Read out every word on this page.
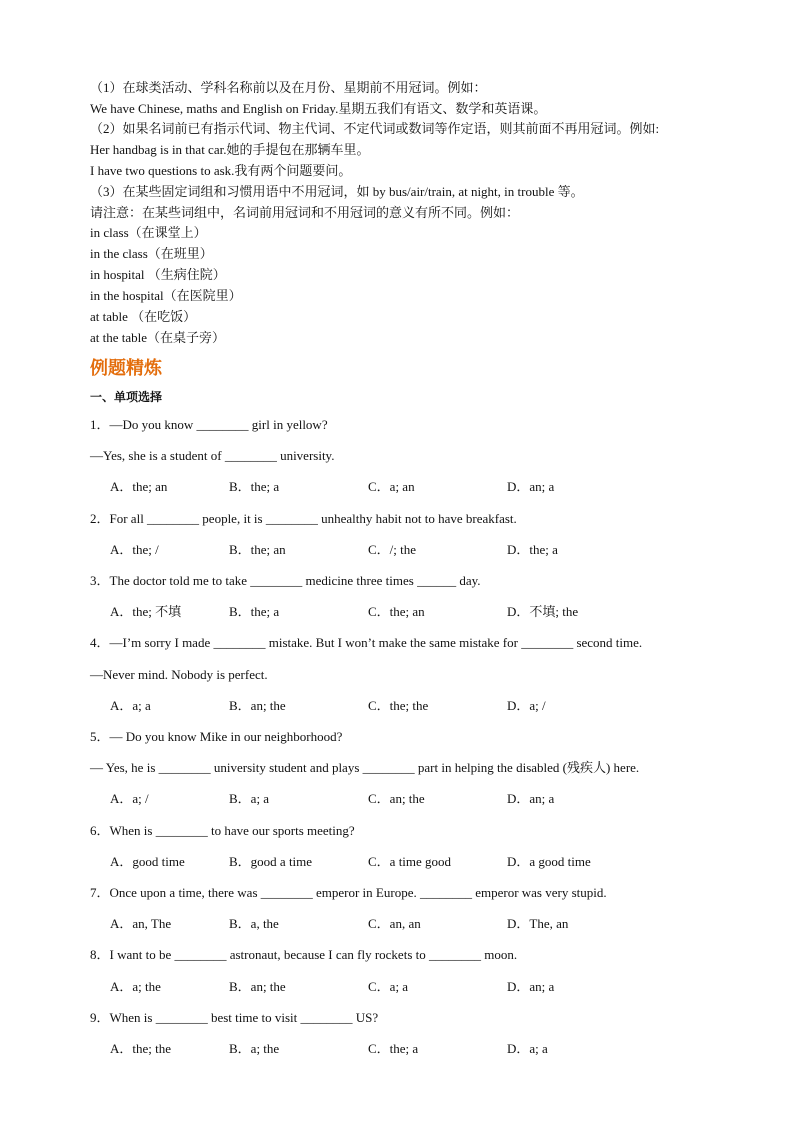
（1）在球类活动、学科名称前以及在月份、星期前不用冠词。例如：
We have Chinese, maths and English on Friday.星期五我们有语文、数学和英语课。
（2）如果名词前已有指示代词、物主代词、不定代词或数词等作定语，则其前面不再用冠词。例如:
Her handbag is in that car.她的手提包在那辆车里。
I have two questions to ask.我有两个问题要问。
（3）在某些固定词组和习惯用语中不用冠词，如 by bus/air/train, at night, in trouble 等。
请注意：在某些词组中，名词前用冠词和不用冠词的意义有所不同。例如：
in class（在课堂上）
in the class（在班里）
in hospital （生病住院）
in the hospital（在医院里）
at table （在吃饭）
at the table（在桌子旁）
例题精炼
一、单项选择
1．—Do you know ________ girl in yellow?
—Yes, she is a student of ________ university.
A．the; an	B．the; a	C．a; an	D．an; a
2．For all ________ people, it is ________ unhealthy habit not to have breakfast.
A．the; /	B．the; an	C．/; the	D．the; a
3．The doctor told me to take ________ medicine three times ______ day.
A．the; 不填	B．the; a	C．the; an	D．不填; the
4．—I’m sorry I made ________ mistake. But I won’t make the same mistake for ________ second time.
—Never mind. Nobody is perfect.
A．a; a	B．an; the	C．the; the	D．a; /
5．— Do you know Mike in our neighborhood?
— Yes, he is ________ university student and plays ________ part in helping the disabled (残疾人) here.
A．a; /	B．a; a	C．an; the	D．an; a
6．When is ________ to have our sports meeting?
A．good time	B．good a time	C．a time good	D．a good time
7．Once upon a time, there was ________ emperor in Europe. ________ emperor was very stupid.
A．an, The	B．a, the	C．an, an	D．The, an
8．I want to be ________ astronaut, because I can fly rockets to ________ moon.
A．a; the	B．an; the	C．a; a	D．an; a
9．When is ________ best time to visit ________ US?
A．the; the	B．a; the	C．the; a	D．a; a
